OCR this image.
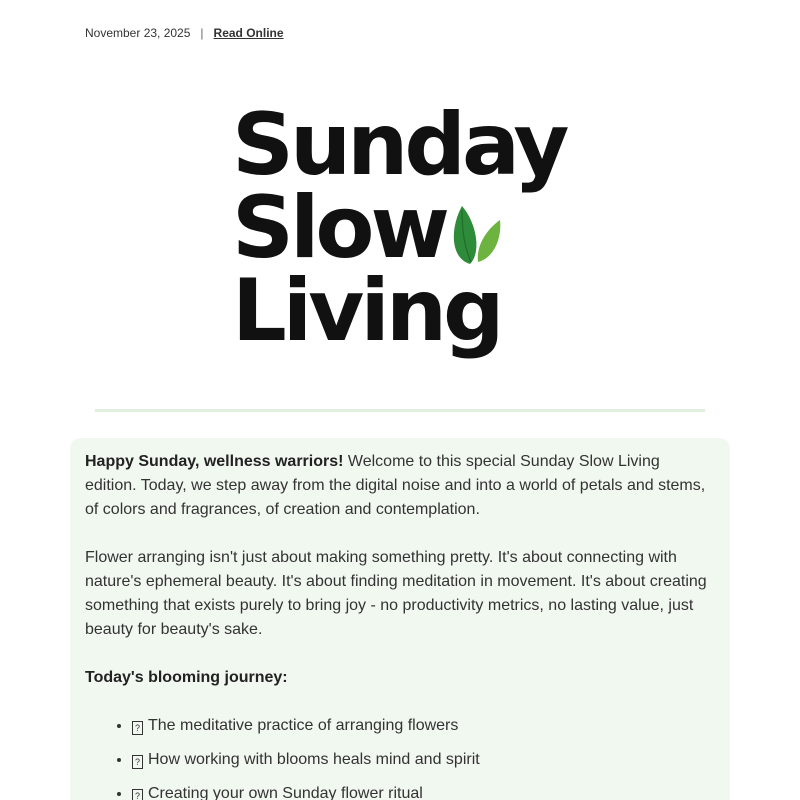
November 23, 2025 | Read Online
Sunday
Slow
Living

Happy Sunday, wellness warriors! Welcome to this special Sunday Slow Living edition. Today, we step away from the digital noise and into a world of petals and stems, of colors and fragrances, of creation and contemplation.

Flower arranging isn't just about making something pretty. It's about connecting with nature's ephemeral beauty. It's about finding meditation in movement. It's about creating something that exists purely to bring joy - no productivity metrics, no lasting value, just beauty for beauty's sake.

Today's blooming journey:

• ? The meditative practice of arranging flowers
• ? How working with blooms heals mind and spirit
• ? Creating your own Sunday flower ritual
